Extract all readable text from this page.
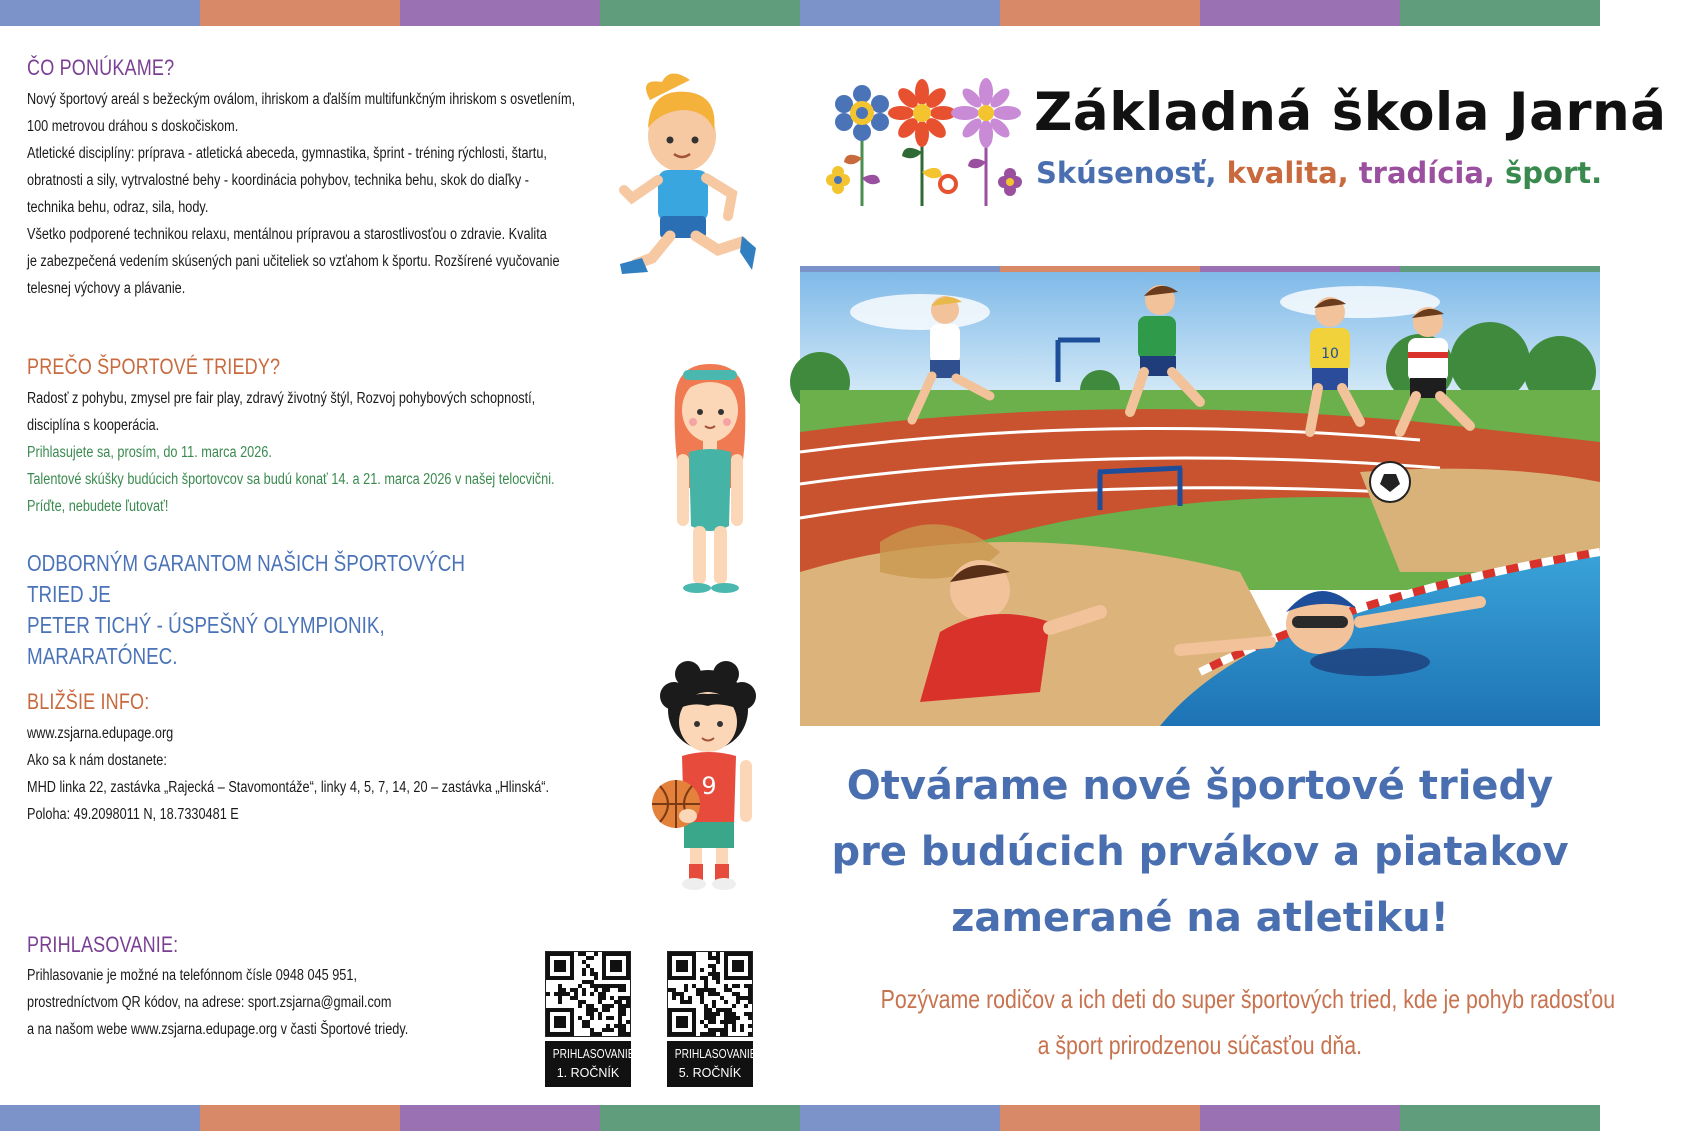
ČO PONÚKAME?

Nový športový areál s bežeckým oválom, ihriskom a ďalším multifunkčným ihriskom s osvetlením,

100 metrovou dráhou s doskočiskom.

Atletické disciplíny: príprava - atletická abeceda, gymnastika, šprint - tréning rýchlosti, štartu,

obratnosti a sily, vytrvalostné behy - koordinácia pohybov, technika behu, skok do diaľky -

technika behu, odraz, sila, hody.

Všetko podporené technikou relaxu, mentálnou prípravou a starostlivosťou o zdravie. Kvalita

je zabezpečená vedením skúsených pani učiteliek so vzťahom k športu. Rozšírené vyučovanie

telesnej výchovy a plávanie.

PREČO ŠPORTOVÉ TRIEDY?

Radosť z pohybu, zmysel pre fair play, zdravý životný štýl, Rozvoj pohybových schopností,

disciplína s kooperácia.

Prihlasujete sa, prosím, do 11. marca 2026.

Talentové skúšky budúcich športovcov sa budú konať 14. a 21. marca 2026 v našej telocvični.

Príďte, nebudete ľutovať!

ODBORNÝM GARANTOM NAŠICH ŠPORTOVÝCH TRIED JE
PETER TICHÝ - ÚSPEŠNÝ OLYMPIONIK, MARARATÓNEC.
BLIŽŠIE INFO:

www.zsjarna.edupage.org

Ako sa k nám dostanete:

MHD linka 22, zastávka „Rajecká – Stavomontáže“, linky 4, 5, 7, 14, 20 – zastávka „Hlinská“.

Poloha: 49.2098011 N, 18.7330481 E

PRIHLASOVANIE:

Prihlasovanie je možné na telefónnom čísle 0948 045 951,

prostredníctvom QR kódov, na adrese: sport.zsjarna@gmail.com

a na našom webe www.zsjarna.edupage.org v časti Športové triedy.

PRIHLASOVANIE
1. ROČNÍK
PRIHLASOVANIE
5. ROČNÍK
9
Základná škola Jarná
Skúsenosť, kvalita, tradícia, šport.
10
Otvárame nové športové triedy
pre budúcich prvákov a piatakov
zamerané na atletiku!
Pozývame rodičov a ich deti do super športových tried, kde je pohyb radosťou
a šport prirodzenou súčasťou dňa.
